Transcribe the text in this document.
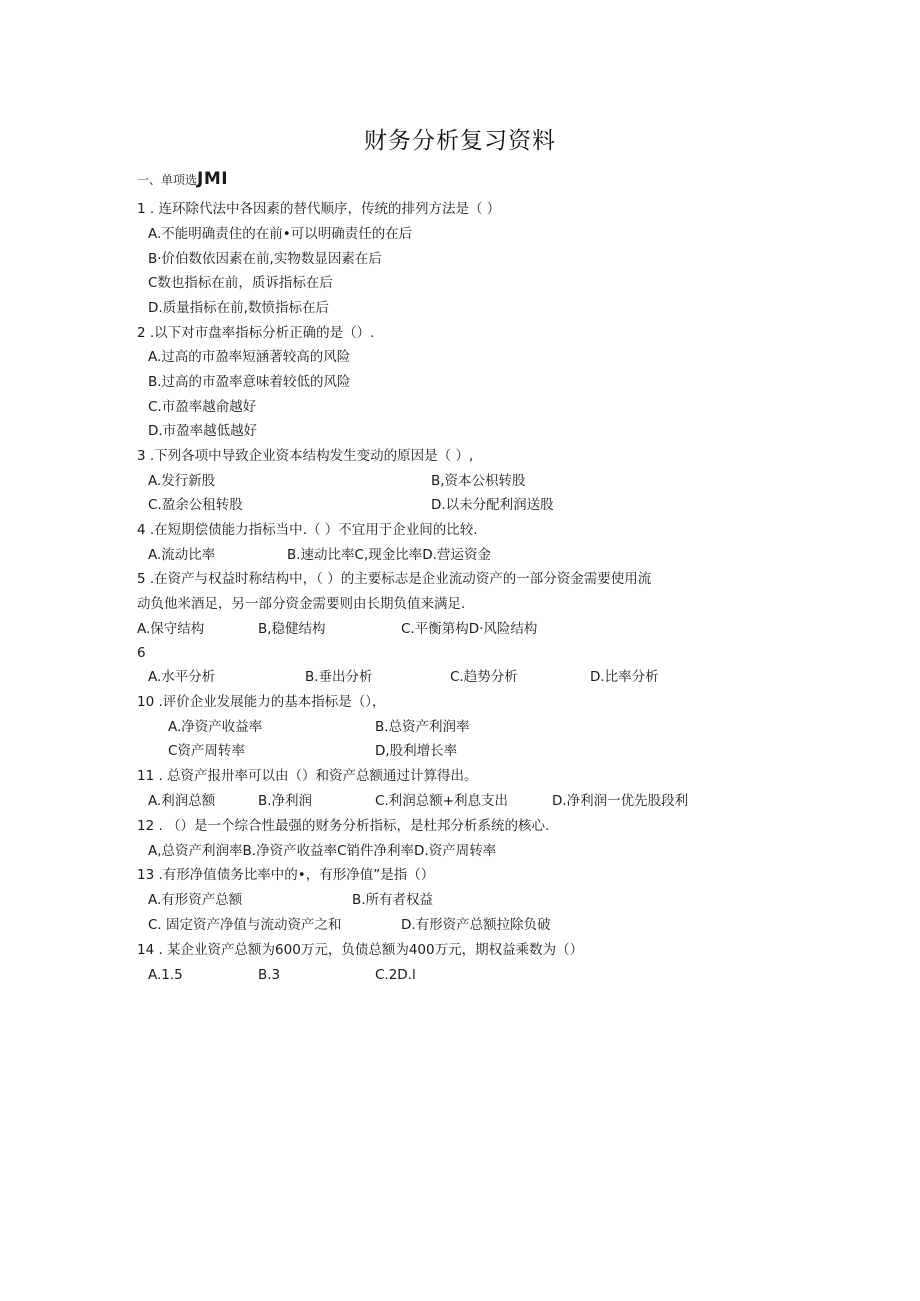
财务分析复习资料
一、单项选JMI
1 . 连环除代法中各因素的替代顺序，传统的排列方法是（ ）
A.不能明确责住的在前•可以明确责任的在后
B·价伯数依因素在前,实物数显因素在后
C数也指标在前，质诉指标在后
D.质量指标在前,数愤指标在后
2 .以下对市盘率指标分析正确的是（）.
A.过高的市盈率短涵著较高的风险
B.过高的市盈率意味着较低的风险
C.市盈率越俞越好
D.市盈率越低越好
3 .下列各项中导致企业资本结构发生变动的原因是（ ）,
A.发行新股	B,资本公枳转股
C.盈余公租转股	D.以未分配利润送股
4 .在短期偿债能力指标当中.（ ）不宜用于企业间的比较.
A.流动比率	B.速动比率C,现金比率D.营运资金
5 .在资产与权益时称结构中，（ ）的主要标志是企业流动资产的一部分资金需要使用流
动负他米酒足，另一部分资金需要则由长期负值来满足.
A.保守结构	B,稳健结构	C.平衡第构D·风险结构
6
A.水平分析	B.垂出分析	C.趋势分析	D.比率分析
10 .评价企业发展能力的基本指标是（），
A.净资产收益率	B.总资产利润率
C资产周转率	D,股利增长率
11 . 总资产报卅率可以由（）和资产总额通过计算得出。
A.利润总额	B.净利润	C.利润总额+利息支出	D.净利润一优先股段利
12 . （）是一个综合性最强的财务分析指标，是杜邦分析系统的核心.
A,总资产利润率B.净资产收益率C销件净利率D.资产周转率
13 .有形净值债务比率中的•，有形净值”是指（）
A.有形资产总额	B.所有者权益
C. 固定资产净值与流动资产之和	D.有形资产总额拉除负破
14 . 某企业资产总额为600万元，负债总额为400万元，期权益乘数为（）
A.1.5	B.3	C.2D.l
